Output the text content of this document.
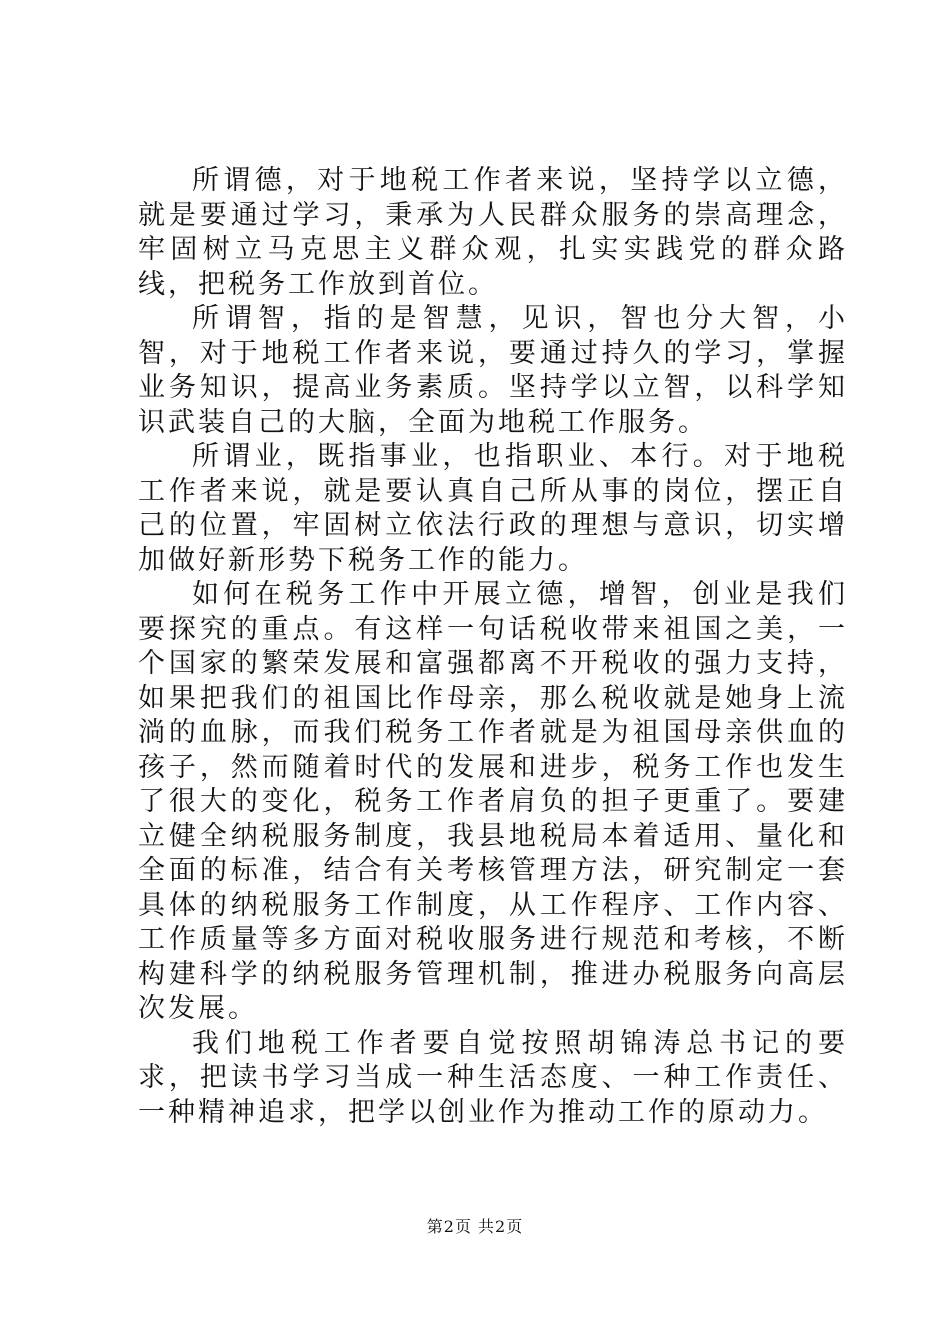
所谓德，对于地税工作者来说，坚持学以立德，就是要通过学习，秉承为人民群众服务的崇高理念，牢固树立马克思主义群众观，扎实实践党的群众路线，把税务工作放到首位。

所谓智，指的是智慧，见识，智也分大智，小智，对于地税工作者来说，要通过持久的学习，掌握业务知识，提高业务素质。坚持学以立智，以科学知识武装自己的大脑，全面为地税工作服务。

所谓业，既指事业，也指职业、本行。对于地税工作者来说，就是要认真自己所从事的岗位，摆正自己的位置，牢固树立依法行政的理想与意识，切实增加做好新形势下税务工作的能力。

如何在税务工作中开展立德，增智，创业是我们要探究的重点。有这样一句话税收带来祖国之美，一个国家的繁荣发展和富强都离不开税收的强力支持，如果把我们的祖国比作母亲，那么税收就是她身上流淌的血脉，而我们税务工作者就是为祖国母亲供血的孩子，然而随着时代的发展和进步，税务工作也发生了很大的变化，税务工作者肩负的担子更重了。要建立健全纳税服务制度，我县地税局本着适用、量化和全面的标准，结合有关考核管理方法，研究制定一套具体的纳税服务工作制度，从工作程序、工作内容、工作质量等多方面对税收服务进行规范和考核，不断构建科学的纳税服务管理机制，推进办税服务向高层次发展。

我们地税工作者要自觉按照胡锦涛总书记的要求，把读书学习当成一种生活态度、一种工作责任、一种精神追求，把学以创业作为推动工作的原动力。

第2页 共2页
